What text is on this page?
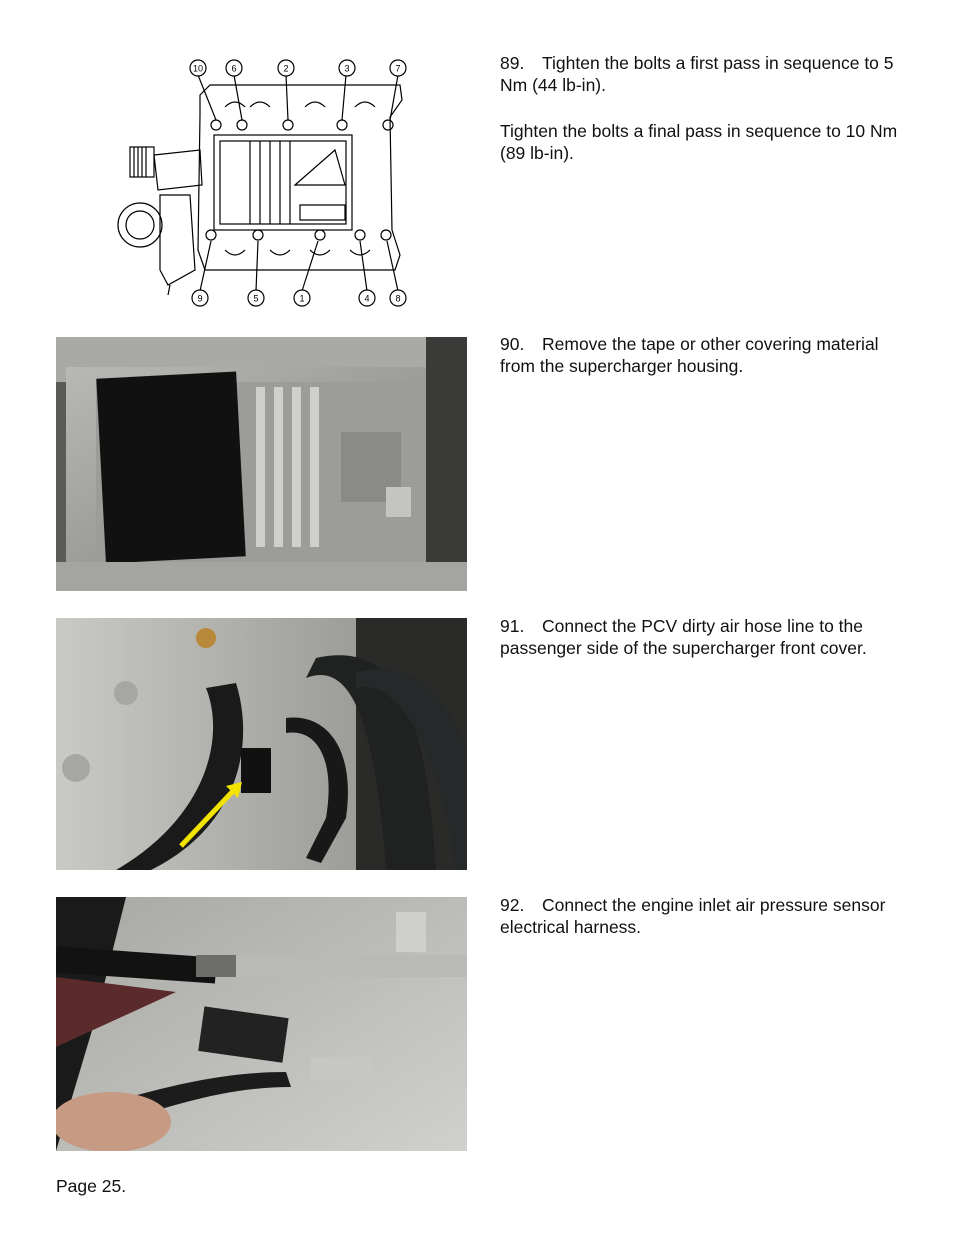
10	6	2	3	7
9	5	1	4	8

89. Tighten the bolts a first pass in sequence to 5 Nm (44 lb-in).

Tighten the bolts a final pass in sequence to 10 Nm (89 lb-in).

90. Remove the tape or other covering material from the supercharger housing.

91. Connect the PCV dirty air hose line to the passenger side of the supercharger front cover.

92. Connect the engine inlet air pressure sensor electrical harness.

Page 25.
